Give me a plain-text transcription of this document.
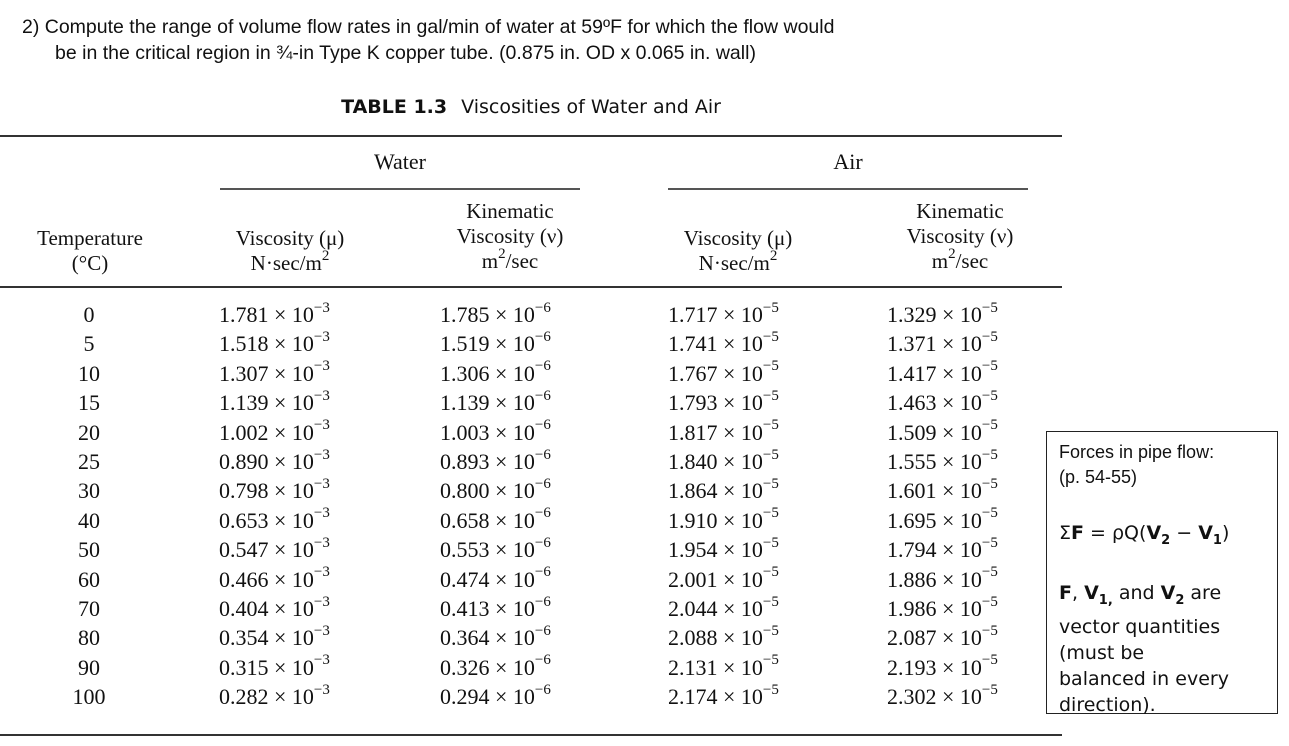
2) Compute the range of volume flow rates in gal/min of water at 59ºF for which the flow would
be in the critical region in ¾-in Type K copper tube. (0.875 in. OD x 0.065 in. wall)
TABLE 1.3 Viscosities of Water and Air
Water	Air
Temperature
(°C)
Viscosity (μ)
$N\cdot\sec/m^2$
Kinematic
Viscosity (ν)
$m^2/\sec$
Viscosity (μ)
$N\cdot\sec/m^2$
Kinematic
Viscosity (ν)
$m^2/\sec$
0
5
10
15
20
25
30
40
50
60
70
80
90
100
$1.781 \times 10^{-3}$
$1.518 \times 10^{-3}$
$1.307 \times 10^{-3}$
$1.139 \times 10^{-3}$
$1.002 \times 10^{-3}$
$0.890 \times 10^{-3}$
$0.798 \times 10^{-3}$
$0.653 \times 10^{-3}$
$0.547 \times 10^{-3}$
$0.466 \times 10^{-3}$
$0.404 \times 10^{-3}$
$0.354 \times 10^{-3}$
$0.315 \times 10^{-3}$
$0.282 \times 10^{-3}$
$1.785 \times 10^{-6}$
$1.519 \times 10^{-6}$
$1.306 \times 10^{-6}$
$1.139 \times 10^{-6}$
$1.003 \times 10^{-6}$
$0.893 \times 10^{-6}$
$0.800 \times 10^{-6}$
$0.658 \times 10^{-6}$
$0.553 \times 10^{-6}$
$0.474 \times 10^{-6}$
$0.413 \times 10^{-6}$
$0.364 \times 10^{-6}$
$0.326 \times 10^{-6}$
$0.294 \times 10^{-6}$
$1.717 \times 10^{-5}$
$1.741 \times 10^{-5}$
$1.767 \times 10^{-5}$
$1.793 \times 10^{-5}$
$1.817 \times 10^{-5}$
$1.840 \times 10^{-5}$
$1.864 \times 10^{-5}$
$1.910 \times 10^{-5}$
$1.954 \times 10^{-5}$
$2.001 \times 10^{-5}$
$2.044 \times 10^{-5}$
$2.088 \times 10^{-5}$
$2.131 \times 10^{-5}$
$2.174 \times 10^{-5}$
$1.329 \times 10^{-5}$
$1.371 \times 10^{-5}$
$1.417 \times 10^{-5}$
$1.463 \times 10^{-5}$
$1.509 \times 10^{-5}$
$1.555 \times 10^{-5}$
$1.601 \times 10^{-5}$
$1.695 \times 10^{-5}$
$1.794 \times 10^{-5}$
$1.886 \times 10^{-5}$
$1.986 \times 10^{-5}$
$2.087 \times 10^{-5}$
$2.193 \times 10^{-5}$
$2.302 \times 10^{-5}$
Forces in pipe flow:
(p. 54-55)
$\Sigma F = \rho Q(V_2 - V_1)$
F, $V_{1,}$ and $V_2$ are
vector quantities
(must be
balanced in every
direction).
